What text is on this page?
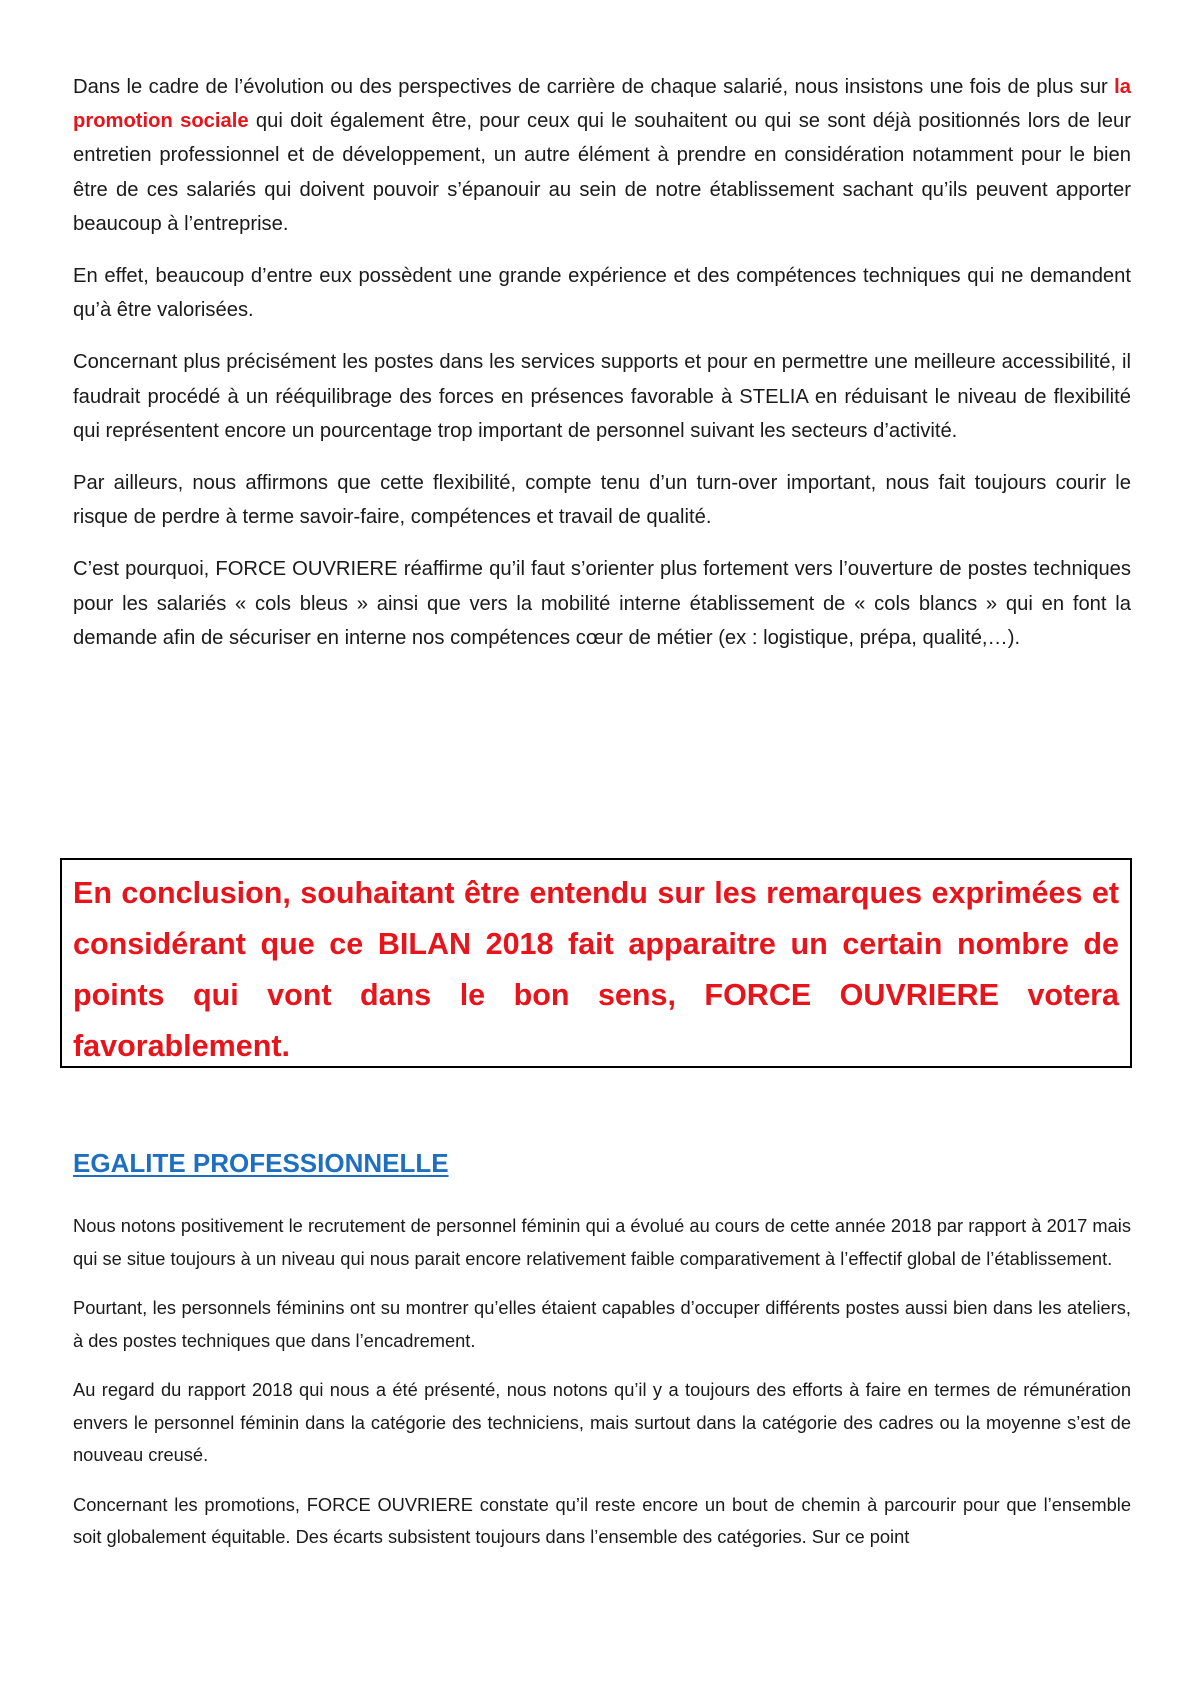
Dans le cadre de l’évolution ou des perspectives de carrière de chaque salarié, nous insistons une fois de plus sur la promotion sociale qui doit également être, pour ceux qui le souhaitent ou qui se sont déjà positionnés lors de leur entretien professionnel et de développement, un autre élément à prendre en considération notamment pour le bien être de ces salariés qui doivent pouvoir s’épanouir au sein de notre établissement sachant qu’ils peuvent apporter beaucoup à l’entreprise.

En effet, beaucoup d’entre eux possèdent une grande expérience et des compétences techniques qui ne demandent qu’à être valorisées.

Concernant plus précisément les postes dans les services supports et pour en permettre une meilleure accessibilité, il faudrait procédé à un rééquilibrage des forces en présences favorable à STELIA en réduisant le niveau de flexibilité qui représentent encore un pourcentage trop important de personnel suivant les secteurs d’activité.

Par ailleurs, nous affirmons que cette flexibilité, compte tenu d’un turn-over important, nous fait toujours courir le risque de perdre à terme savoir-faire, compétences et travail de qualité.

C’est pourquoi, FORCE OUVRIERE réaffirme qu’il faut s’orienter plus fortement vers l’ouverture de postes techniques pour les salariés « cols bleus » ainsi que vers la mobilité interne établissement de « cols blancs » qui en font la demande afin de sécuriser en interne nos compétences cœur de métier (ex : logistique, prépa, qualité,…).

En conclusion, souhaitant être entendu sur les remarques exprimées et considérant que ce BILAN 2018 fait apparaitre un certain nombre de points qui vont dans le bon sens, FORCE OUVRIERE votera favorablement.

EGALITE PROFESSIONNELLE

Nous notons positivement le recrutement de personnel féminin qui a évolué au cours de cette année 2018 par rapport à 2017 mais qui se situe toujours à un niveau qui nous parait encore relativement faible comparativement à l’effectif global de l’établissement.

Pourtant, les personnels féminins ont su montrer qu’elles étaient capables d’occuper différents postes aussi bien dans les ateliers, à des postes techniques que dans l’encadrement.

Au regard du rapport 2018 qui nous a été présenté, nous notons qu’il y a toujours des efforts à faire en termes de rémunération envers le personnel féminin dans la catégorie des techniciens, mais surtout dans la catégorie des cadres ou la moyenne s’est de nouveau creusé.

Concernant les promotions, FORCE OUVRIERE constate qu’il reste encore un bout de chemin à parcourir pour que l’ensemble soit globalement équitable. Des écarts subsistent toujours dans l’ensemble des catégories. Sur ce point
